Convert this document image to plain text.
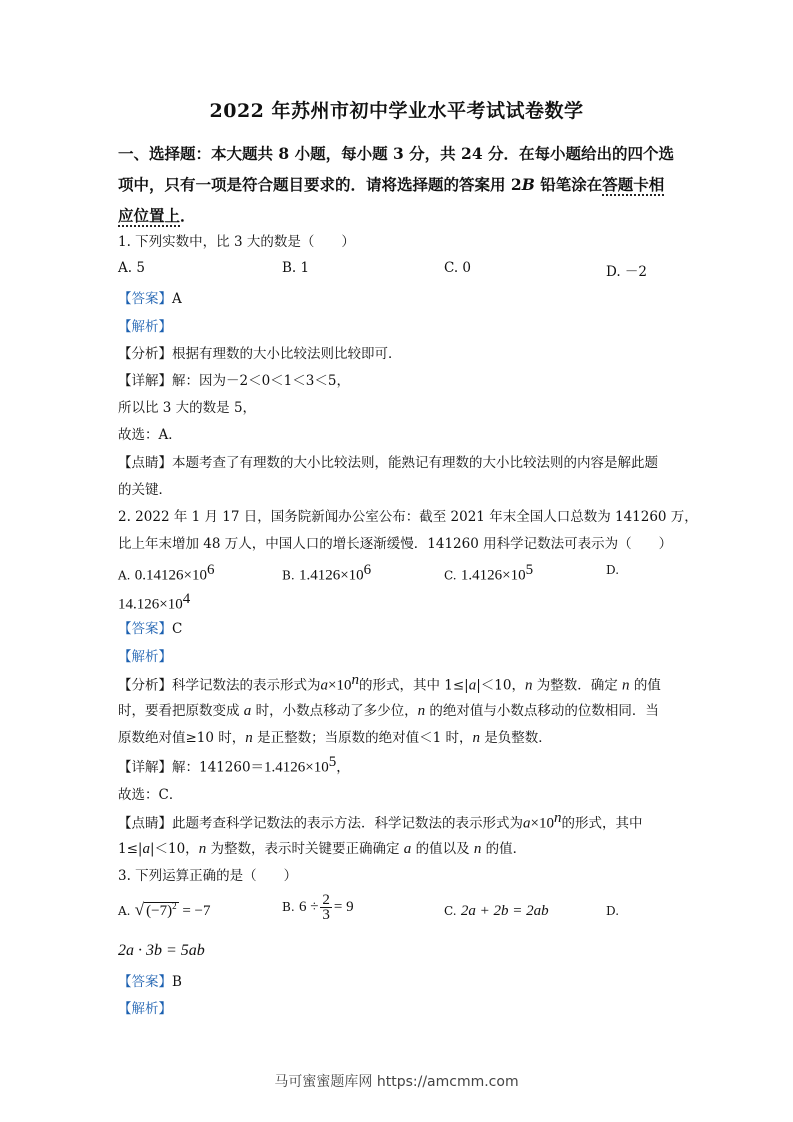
2022 年苏州市初中学业水平考试试卷数学
一、选择题：本大题共 8 小题，每小题 3 分，共 24 分．在每小题给出的四个选项中，只有一项是符合题目要求的．请将选择题的答案用 2B 铅笔涂在答题卡相应位置上．
1. 下列实数中，比 3 大的数是（　　）
A. 5	B. 1	C. 0	D. －2
【答案】A
【解析】
【分析】根据有理数的大小比较法则比较即可．
【详解】解：因为－2＜0＜1＜3＜5，
所以比 3 大的数是 5，
故选：A．
【点睛】本题考查了有理数的大小比较法则，能熟记有理数的大小比较法则的内容是解此题
的关键．
2. 2022 年 1 月 17 日，国务院新闻办公室公布：截至 2021 年末全国人口总数为 141260 万，
比上年末增加 48 万人，中国人口的增长逐渐缓慢．141260 用科学记数法可表示为（　　）
A. $0.14126\times 10^6$	B. $1.4126\times 10^6$	C. $1.4126\times 10^5$	D.
$14.126\times 10^4$
【答案】C
【解析】
【分析】科学记数法的表示形式为$a\times 10^n$的形式，其中 1≤|a|＜10，n 为整数．确定 n 的值
时，要看把原数变成 a 时，小数点移动了多少位，n 的绝对值与小数点移动的位数相同．当
原数绝对值≥10 时，n 是正整数；当原数的绝对值＜1 时，n 是负整数．
【详解】解：$141260=1.4126\times 10^5$，
故选：C．
【点睛】此题考查科学记数法的表示方法．科学记数法的表示形式为$a\times 10^n$的形式，其中
1≤|a|＜10，n 为整数，表示时关键要正确确定 a 的值以及 n 的值．
3. 下列运算正确的是（　　）
A. √ $(-7)^2 = -7$	B. $6 \div \frac{2}{3} = 9$	C. 2a + 2b = 2ab	D.
2a · 3b = 5ab
【答案】B
【解析】
马可蜜蜜题库网 https://amcmm.com
